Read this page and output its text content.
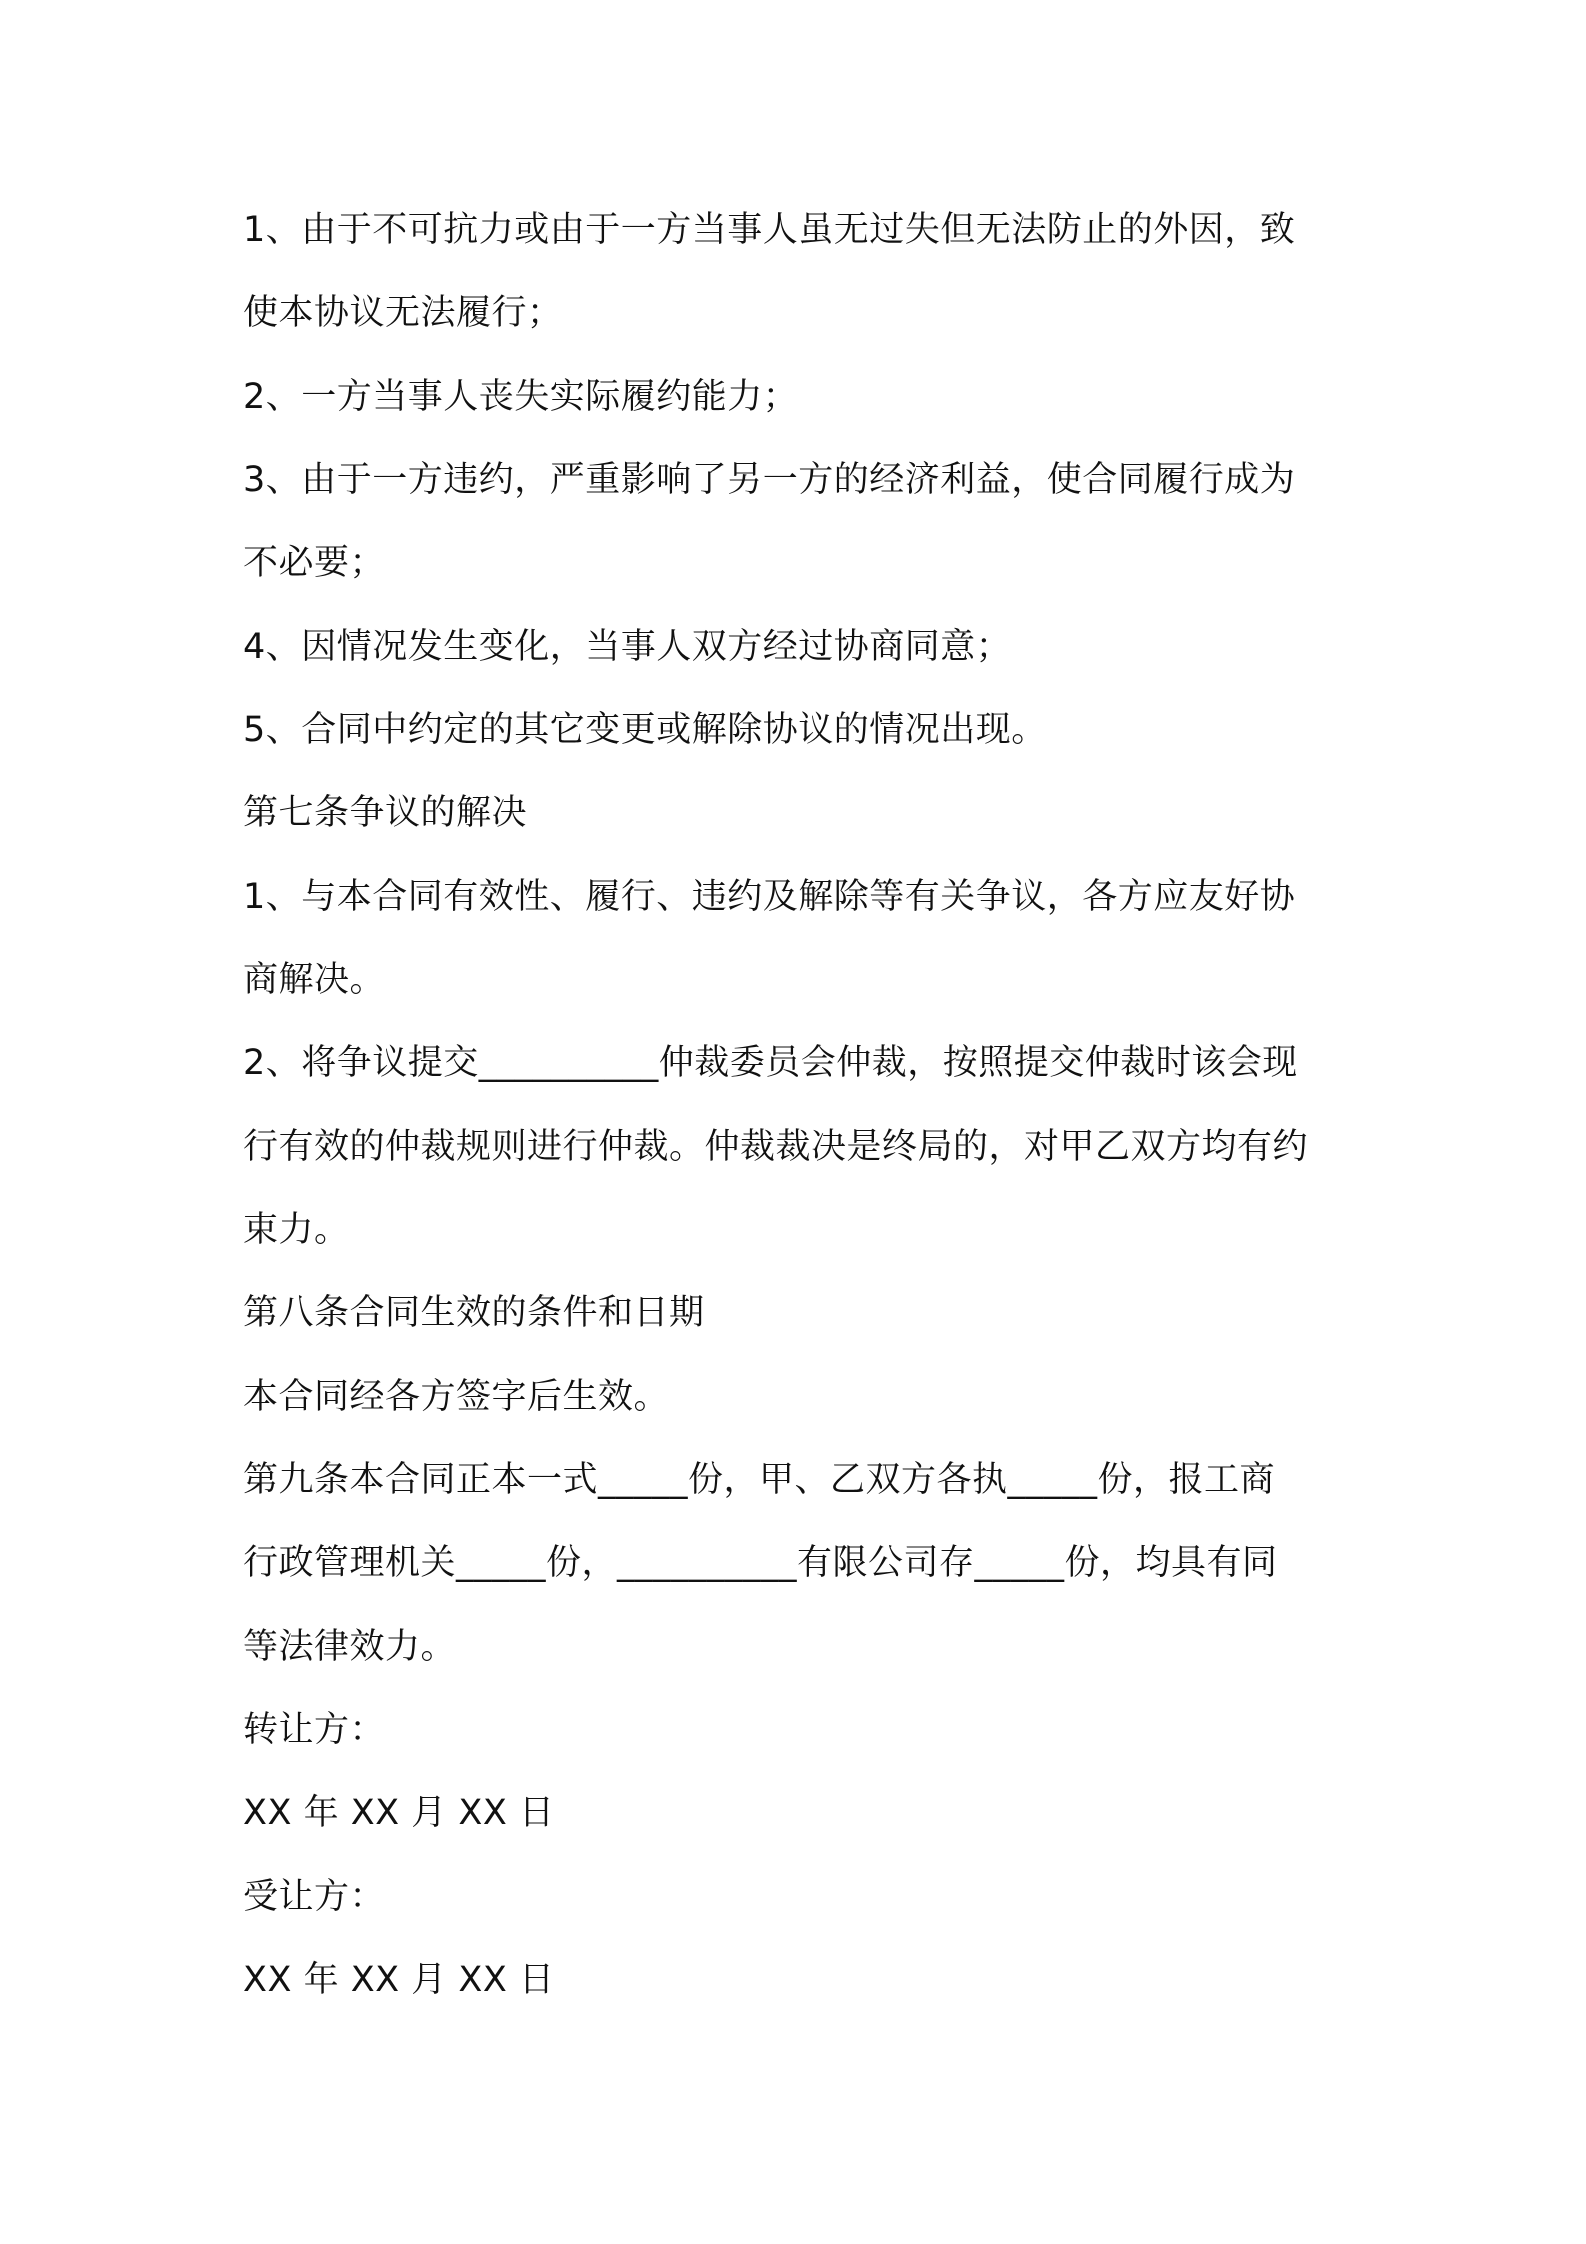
1、由于不可抗力或由于一方当事人虽无过失但无法防止的外因，致
使本协议无法履行；
2、一方当事人丧失实际履约能力；
3、由于一方违约，严重影响了另一方的经济利益，使合同履行成为
不必要；
4、因情况发生变化，当事人双方经过协商同意；
5、合同中约定的其它变更或解除协议的情况出现。
第七条争议的解决
1、与本合同有效性、履行、违约及解除等有关争议，各方应友好协
商解决。
2、将争议提交__________仲裁委员会仲裁，按照提交仲裁时该会现
行有效的仲裁规则进行仲裁。仲裁裁决是终局的，对甲乙双方均有约
束力。
第八条合同生效的条件和日期
本合同经各方签字后生效。
第九条本合同正本一式_____份，甲、乙双方各执_____份，报工商
行政管理机关_____份，__________有限公司存_____份，均具有同
等法律效力。
转让方：
XX 年 XX 月 XX 日
受让方：
XX 年 XX 月 XX 日
